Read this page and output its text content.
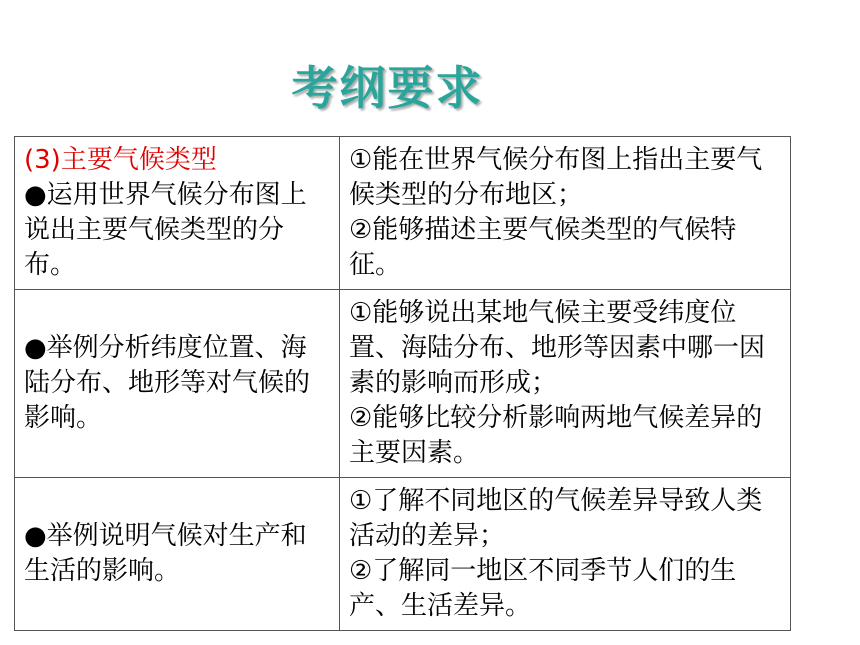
考纲要求
(3)主要气候类型
●运用世界气候分布图上说出主要气候类型的分布。	①能在世界气候分布图上指出主要气候类型的分布地区；
②能够描述主要气候类型的气候特征。

●举例分析纬度位置、海陆分布、地形等对气候的影响。	①能够说出某地气候主要受纬度位置、海陆分布、地形等因素中哪一因素的影响而形成；
②能够比较分析影响两地气候差异的主要因素。

●举例说明气候对生产和生活的影响。	①了解不同地区的气候差异导致人类活动的差异；
②了解同一地区不同季节人们的生产、生活差异。
